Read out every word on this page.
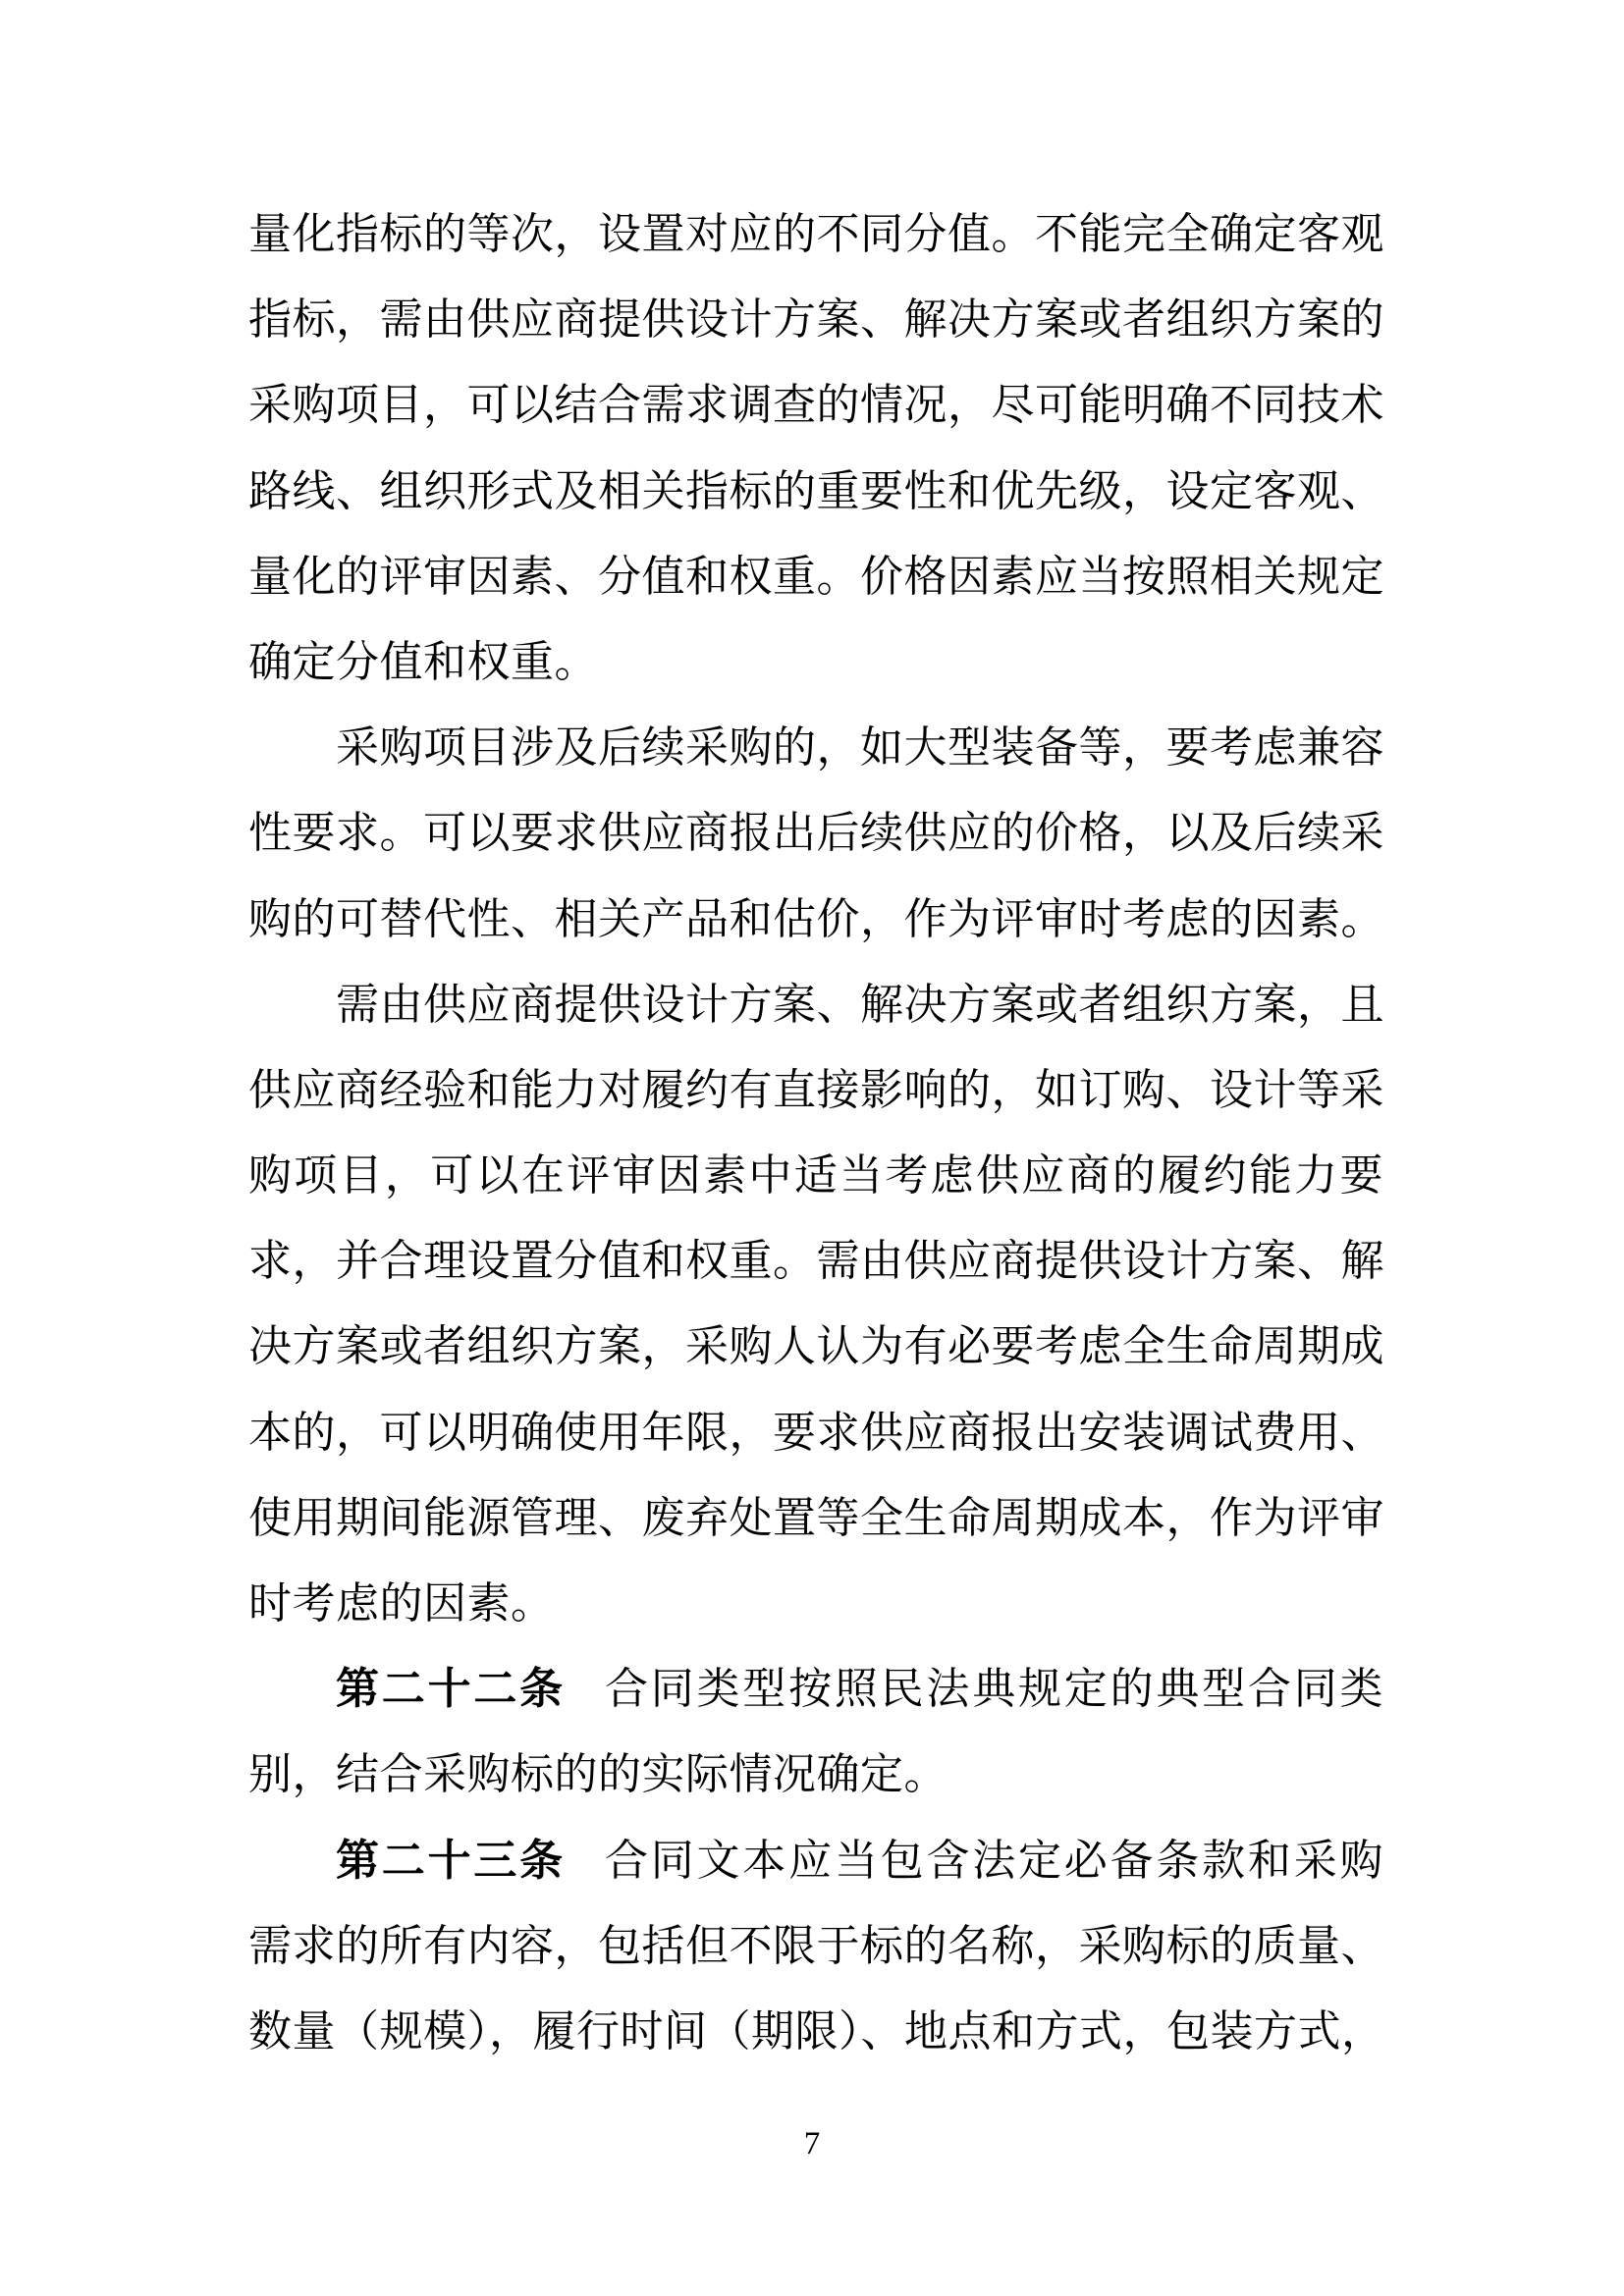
量化指标的等次，设置对应的不同分值。不能完全确定客观
指标，需由供应商提供设计方案、解决方案或者组织方案的
采购项目，可以结合需求调查的情况，尽可能明确不同技术
路线、组织形式及相关指标的重要性和优先级，设定客观、
量化的评审因素、分值和权重。价格因素应当按照相关规定
确定分值和权重。
采购项目涉及后续采购的，如大型装备等，要考虑兼容
性要求。可以要求供应商报出后续供应的价格，以及后续采
购的可替代性、相关产品和估价，作为评审时考虑的因素。
需由供应商提供设计方案、解决方案或者组织方案，且
供应商经验和能力对履约有直接影响的，如订购、设计等采
购项目，可以在评审因素中适当考虑供应商的履约能力要
求，并合理设置分值和权重。需由供应商提供设计方案、解
决方案或者组织方案，采购人认为有必要考虑全生命周期成
本的，可以明确使用年限，要求供应商报出安装调试费用、
使用期间能源管理、废弃处置等全生命周期成本，作为评审
时考虑的因素。
第二十二条 合同类型按照民法典规定的典型合同类
别，结合采购标的的实际情况确定。
第二十三条 合同文本应当包含法定必备条款和采购
需求的所有内容，包括但不限于标的名称，采购标的质量、
数量（规模），履行时间（期限）、地点和方式，包装方式，
7
